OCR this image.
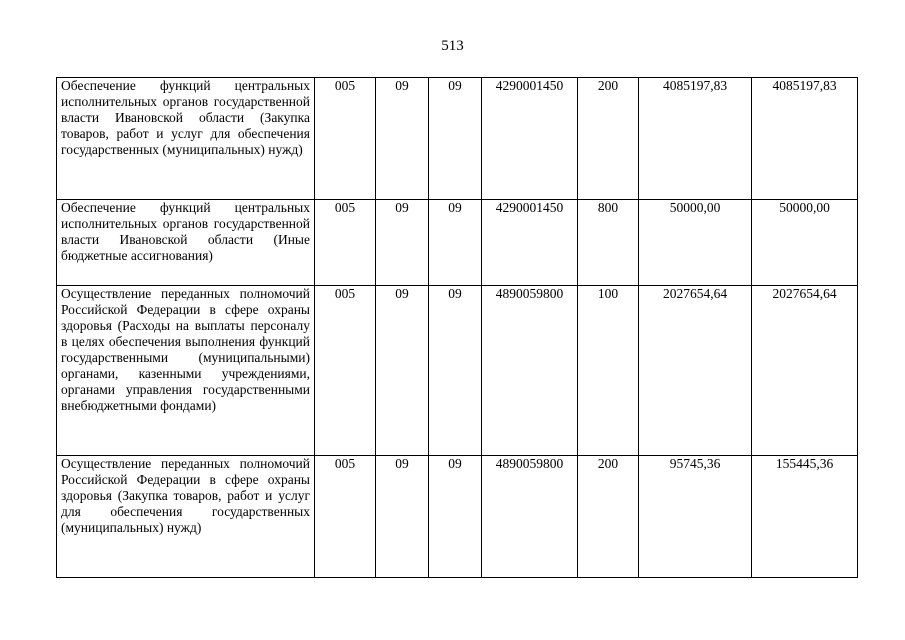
513
Обеспечение функций центральных исполнительных органов государственной власти Ивановской области (Закупка товаров, работ и услуг для обеспечения государственных (муниципальных) нужд)	005	09	09	4290001450	200	4085197,83	4085197,83
Обеспечение функций центральных исполнительных органов государственной власти Ивановской области (Иные бюджетные ассигнования)	005	09	09	4290001450	800	50000,00	50000,00
Осуществление переданных полномочий Российской Федерации в сфере охраны здоровья (Расходы на выплаты персоналу в целях обеспечения выполнения функций государственными (муниципальными) органами, казенными учреждениями, органами управления государственными внебюджетными фондами)	005	09	09	4890059800	100	2027654,64	2027654,64
Осуществление переданных полномочий Российской Федерации в сфере охраны здоровья (Закупка товаров, работ и услуг для обеспечения государственных (муниципальных) нужд)	005	09	09	4890059800	200	95745,36	155445,36
